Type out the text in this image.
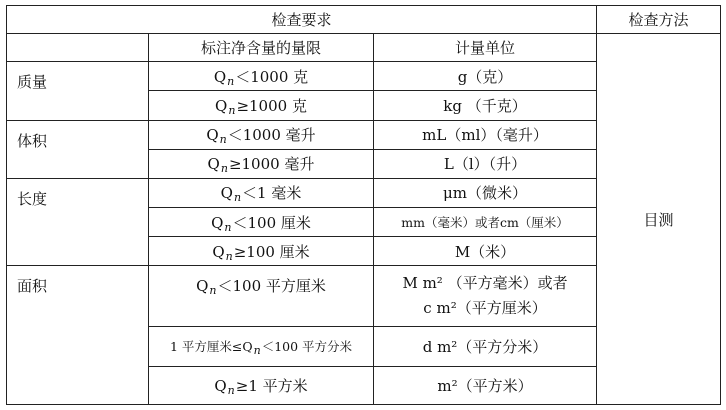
检查要求			检查方法
	标注净含量的量限	计量单位	目测
质量	$Q_n<1000$ 克	g（克）	
	$Q_n\ge 1000$ 克	kg （千克）	
体积	$Q_n<1000$ 毫升	mL（ml）（毫升）	
	$Q_n\ge 1000$ 毫升	L（l）（升）	
长度	$Q_n<1$ 毫米	μm（微米）	
	$Q_n<100$ 厘米	mm（毫米）或者cm（厘米）	
	$Q_n\ge 100$ 厘米	M（米）	
面积	$Q_n<100$ 平方厘米	M m² （平方毫米）或者
c m²（平方厘米）	

	1 平方厘米≤Qn＜100 平方分米	d m²（平方分米）	
	$Q_n\ge 1$ 平方米	m²（平方米）	
